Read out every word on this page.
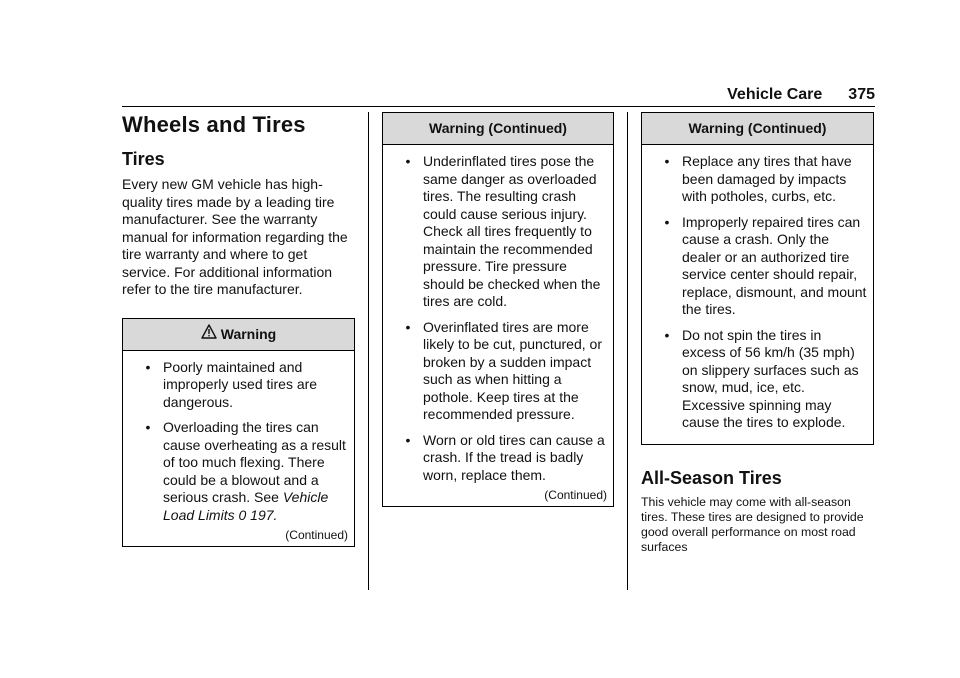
Vehicle Care 375
Wheels and Tires
Tires

Every new GM vehicle has high-quality tires made by a leading tire manufacturer. See the warranty manual for information regarding the tire warranty and where to get service. For additional information refer to the tire manufacturer.

Warning
• Poorly maintained and improperly used tires are dangerous.
• Overloading the tires can cause overheating as a result of too much flexing. There could be a blowout and a serious crash. See Vehicle Load Limits 0 197.
(Continued)
Warning (Continued)
• Underinflated tires pose the same danger as overloaded tires. The resulting crash could cause serious injury. Check all tires frequently to maintain the recommended pressure. Tire pressure should be checked when the tires are cold.
• Overinflated tires are more likely to be cut, punctured, or broken by a sudden impact     such as when hitting a pothole. Keep tires at the recommended pressure.
• Worn or old tires can cause a crash. If the tread is badly worn, replace them.
(Continued)
Warning (Continued)
• Replace any tires that have been damaged by impacts with potholes, curbs, etc.
• Improperly repaired tires can cause a crash. Only the dealer or an authorized tire service center should repair, replace, dismount, and mount the tires.
• Do not spin the tires in excess of 56 km/h (35 mph) on slippery surfaces such as snow, mud, ice, etc. Excessive spinning may cause the tires to explode.
All-Season Tires

This vehicle may come with all-season tires. These tires are designed to provide good overall performance on most road surfaces
